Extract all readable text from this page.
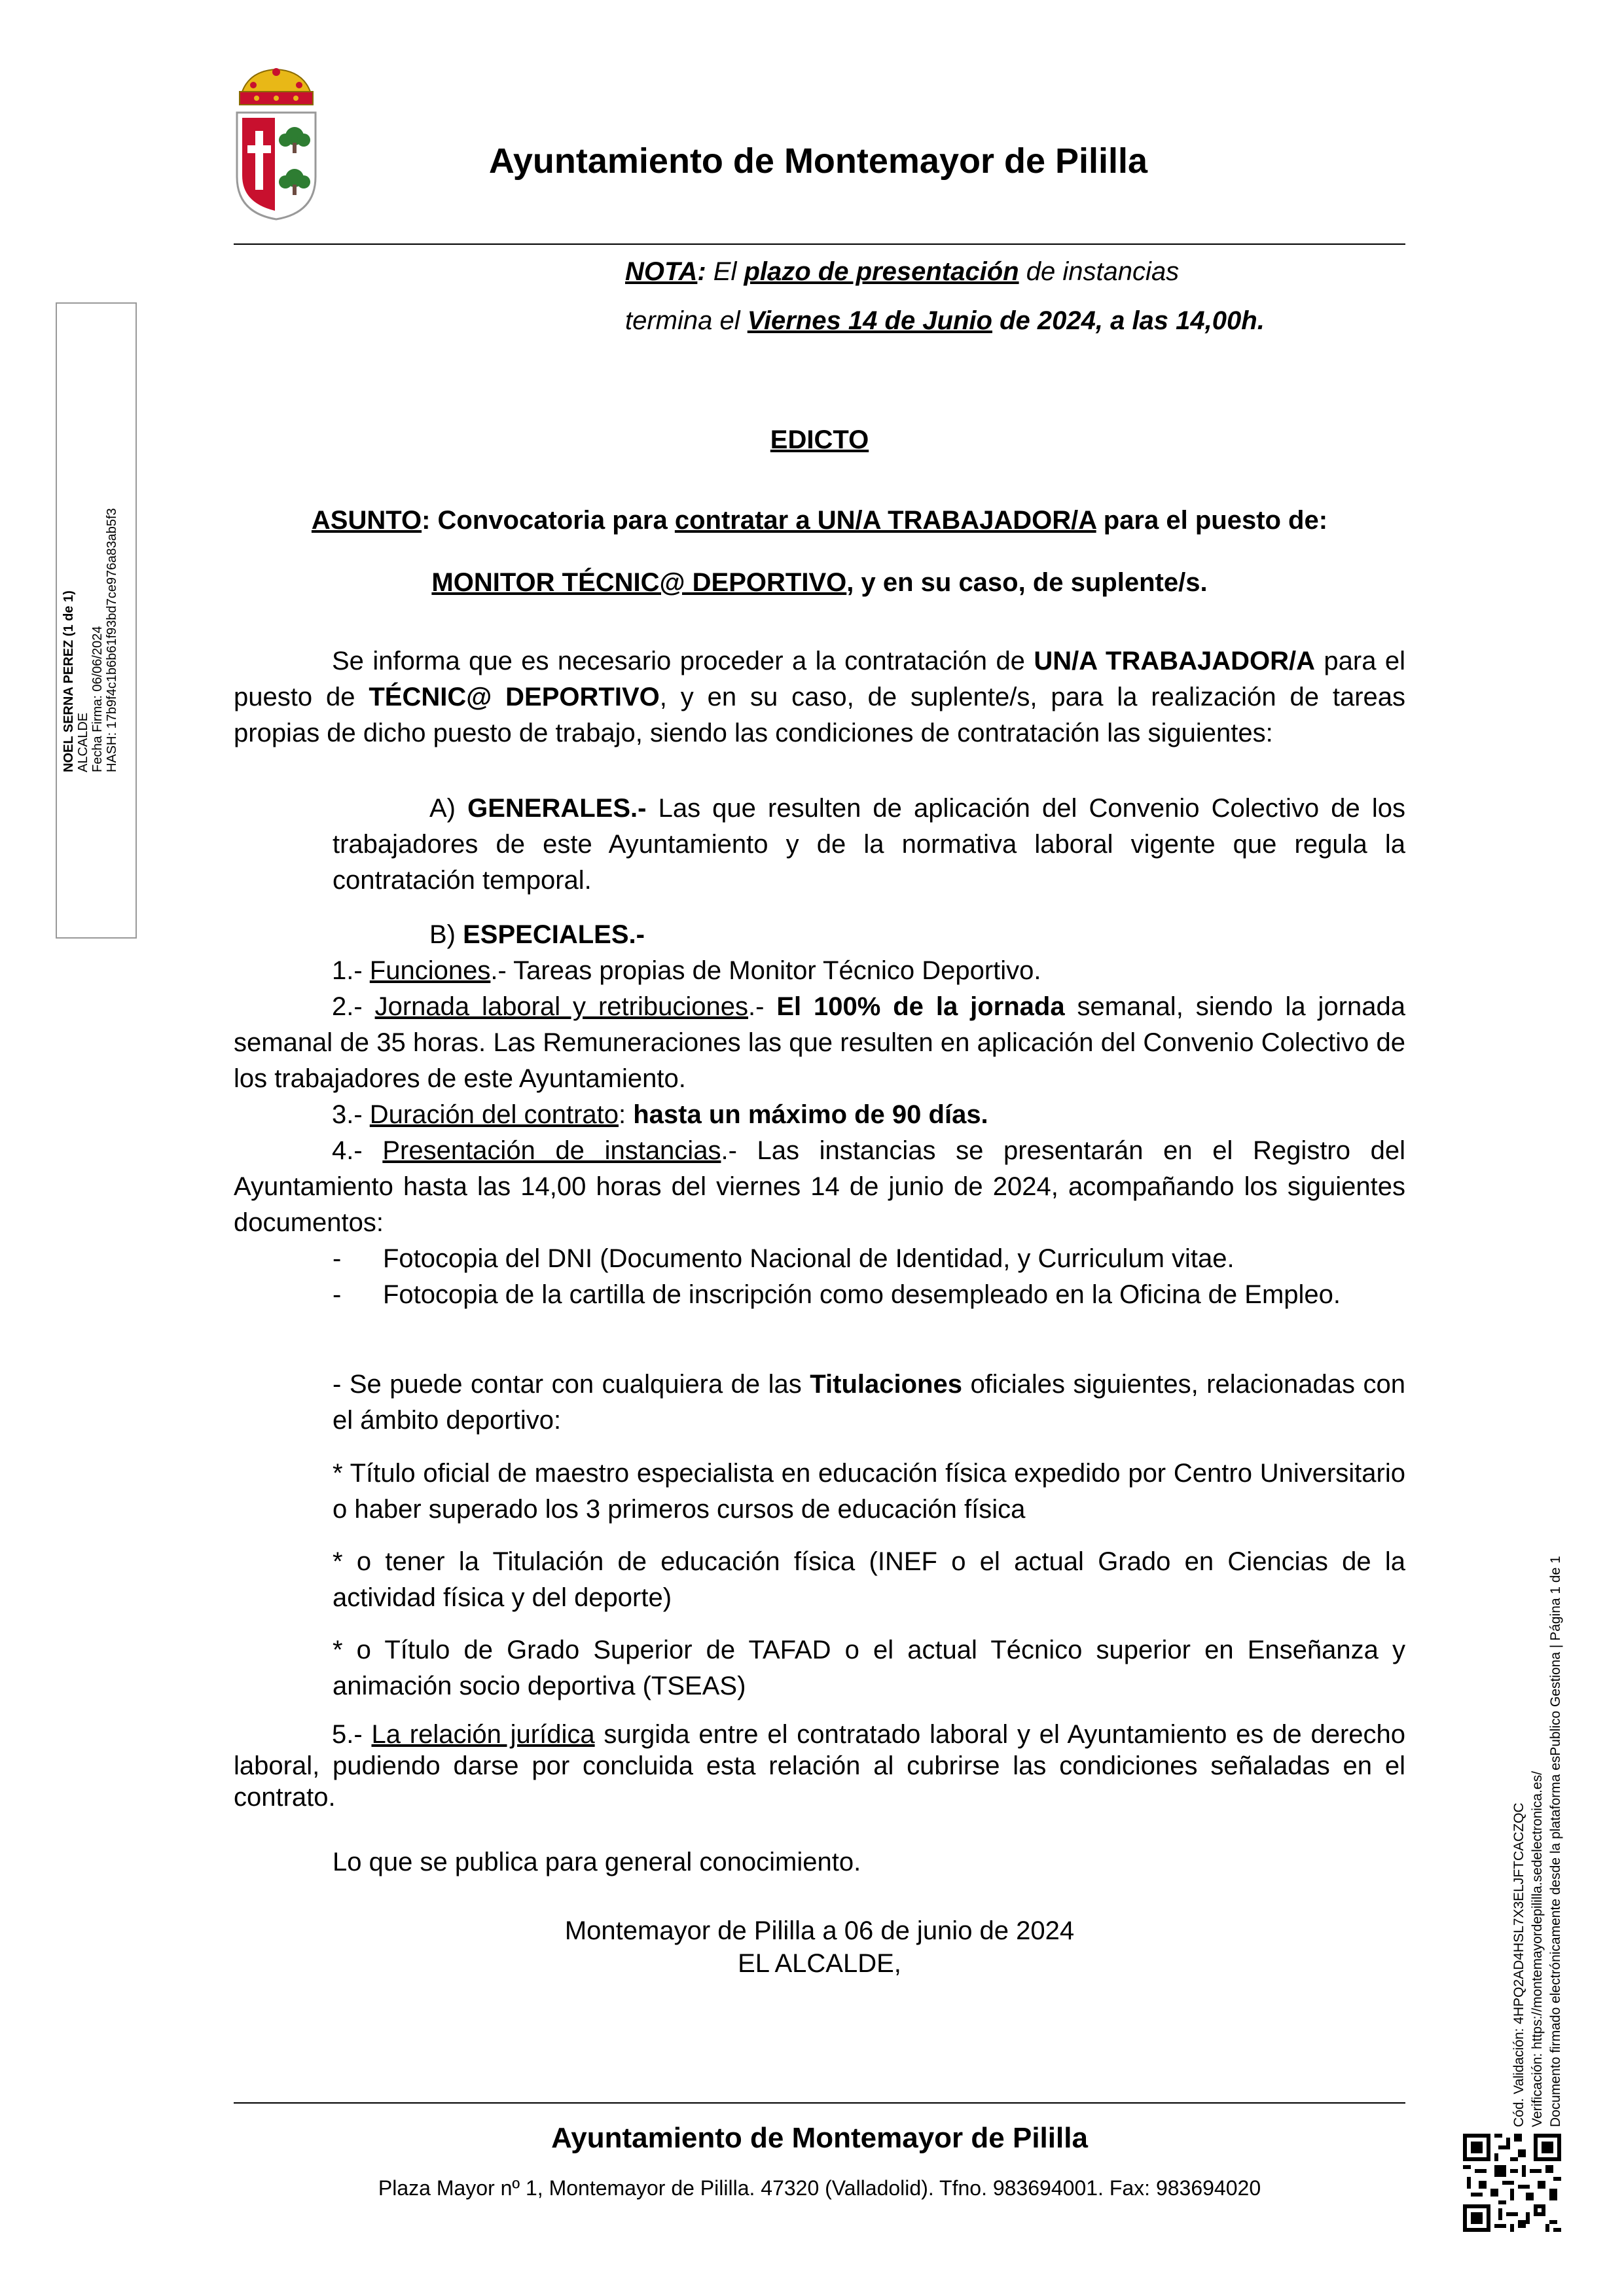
Ayuntamiento de Montemayor de Pililla
NOTA: El plazo de presentación de instancias
termina el Viernes 14 de Junio de 2024, a las 14,00h.
EDICTO
ASUNTO: Convocatoria para contratar a UN/A TRABAJADOR/A para el puesto de:
MONITOR TÉCNIC@ DEPORTIVO, y en su caso, de suplente/s.
Se informa que es necesario proceder a la contratación de UN/A TRABAJADOR/A para el puesto de TÉCNIC@ DEPORTIVO, y en su caso, de suplente/s, para la realización de tareas propias de dicho puesto de trabajo, siendo las condiciones de contratación las siguientes:
A) GENERALES.- Las que resulten de aplicación del Convenio Colectivo de los trabajadores de este Ayuntamiento y de la normativa laboral vigente que regula la contratación temporal.
B) ESPECIALES.-
1.- Funciones.- Tareas propias de Monitor Técnico Deportivo.
2.- Jornada laboral y retribuciones.- El 100% de la jornada semanal, siendo la jornada semanal de 35 horas. Las Remuneraciones las que resulten en aplicación del Convenio Colectivo de los trabajadores de este Ayuntamiento.
3.- Duración del contrato: hasta un máximo de 90 días.
4.- Presentación de instancias.- Las instancias se presentarán en el Registro del Ayuntamiento hasta las 14,00 horas del viernes 14 de junio de 2024, acompañando los siguientes documentos:
- Fotocopia del DNI (Documento Nacional de Identidad, y Curriculum vitae.
- Fotocopia de la cartilla de inscripción como desempleado en la Oficina de Empleo.
- Se puede contar con cualquiera de las Titulaciones oficiales siguientes, relacionadas con el ámbito deportivo:
* Título oficial de maestro especialista en educación física expedido por Centro Universitario o haber superado los 3 primeros cursos de educación física
* o tener la Titulación de educación física (INEF o el actual Grado en Ciencias de la actividad física y del deporte)
* o Título de Grado Superior de TAFAD o el actual Técnico superior en Enseñanza y animación socio deportiva (TSEAS)
5.- La relación jurídica surgida entre el contratado laboral y el Ayuntamiento es de derecho laboral, pudiendo darse por concluida esta relación al cubrirse las condiciones señaladas en el contrato.
Lo que se publica para general conocimiento.
Montemayor de Pililla a 06 de junio de 2024
EL ALCALDE,
Ayuntamiento de Montemayor de Pililla
Plaza Mayor nº 1, Montemayor de Pililla. 47320 (Valladolid). Tfno. 983694001. Fax: 983694020
NOEL SERNA PEREZ (1 de 1) ALCALDE Fecha Firma: 06/06/2024 HASH: 17b9f4c1b6b61f93bd7ce976a83ab5f3
Cód. Validación: 4HPQ2AD4HSL7X3ELJFTCACZQC Verificación: https://montemayordepililla.sedelectronica.es/ Documento firmado electrónicamente desde la plataforma esPublico Gestiona | Página 1 de 1
